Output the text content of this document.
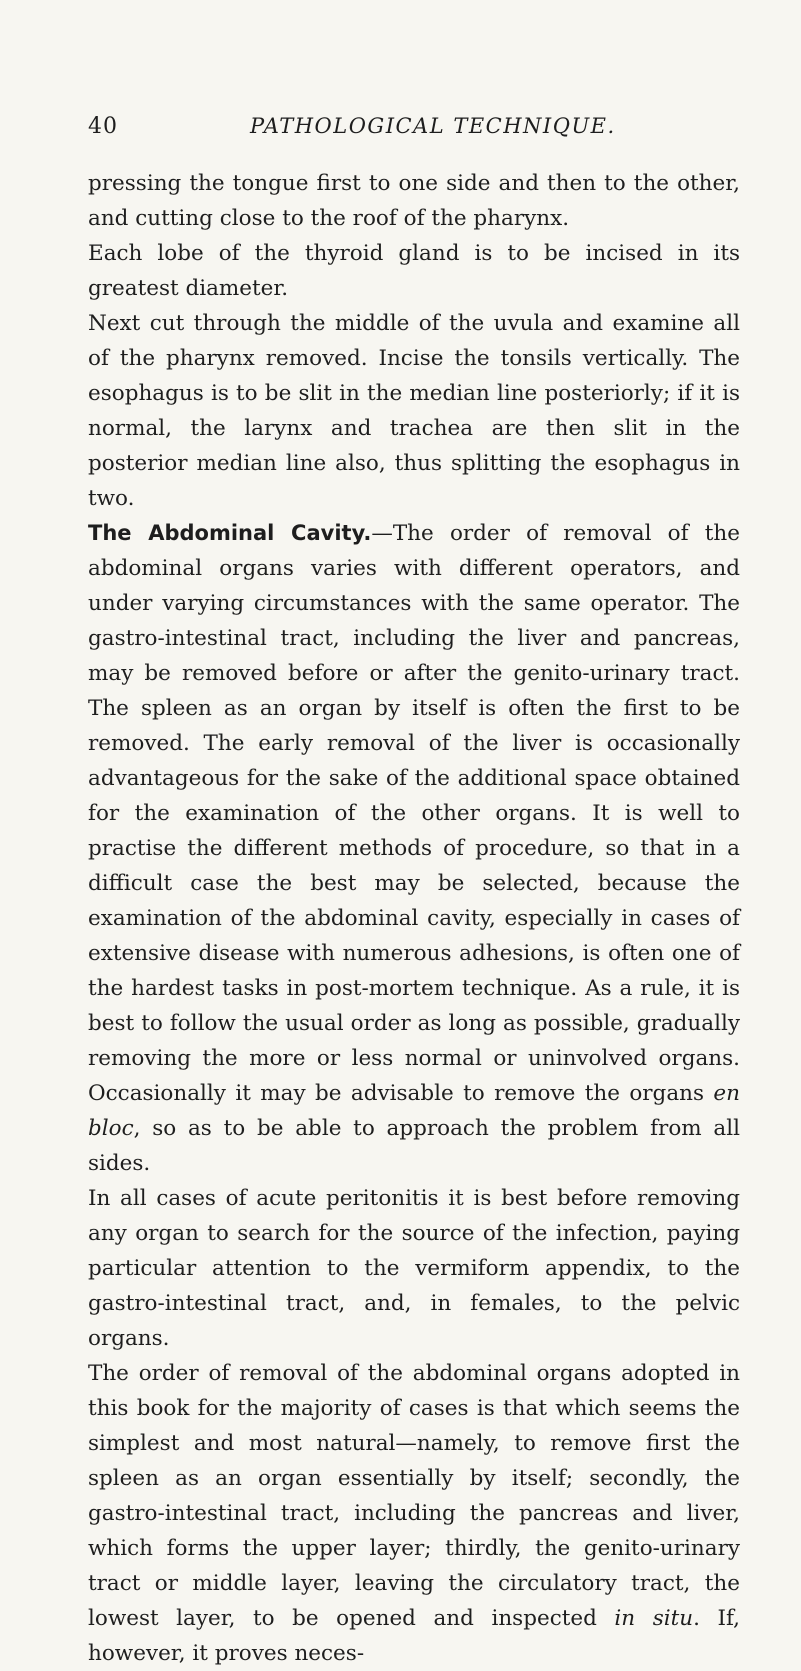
40	PATHOLOGICAL TECHNIQUE.

pressing the tongue first to one side and then to the other, and cutting close to the roof of the pharynx.

Each lobe of the thyroid gland is to be incised in its greatest diameter.

Next cut through the middle of the uvula and examine all of the pharynx removed. Incise the tonsils vertically. The esophagus is to be slit in the median line posteriorly; if it is normal, the larynx and trachea are then slit in the posterior median line also, thus splitting the esophagus in two.

The Abdominal Cavity.—The order of removal of the abdominal organs varies with different operators, and under varying circumstances with the same operator. The gastro-intestinal tract, including the liver and pancreas, may be removed before or after the genito-urinary tract. The spleen as an organ by itself is often the first to be removed. The early removal of the liver is occasionally advantageous for the sake of the additional space obtained for the examination of the other organs. It is well to practise the different methods of procedure, so that in a difficult case the best may be selected, because the examination of the abdominal cavity, especially in cases of extensive disease with numerous adhesions, is often one of the hardest tasks in post-mortem technique. As a rule, it is best to follow the usual order as long as possible, gradually removing the more or less normal or uninvolved organs. Occasionally it may be advisable to remove the organs en bloc, so as to be able to approach the problem from all sides.

In all cases of acute peritonitis it is best before removing any organ to search for the source of the infection, paying particular attention to the vermiform appendix, to the gastro-intestinal tract, and, in females, to the pelvic organs.

The order of removal of the abdominal organs adopted in this book for the majority of cases is that which seems the simplest and most natural—namely, to remove first the spleen as an organ essentially by itself; secondly, the gastro-intestinal tract, including the pancreas and liver, which forms the upper layer; thirdly, the genito-urinary tract or middle layer, leaving the circulatory tract, the lowest layer, to be opened and inspected in situ. If, however, it proves neces-
